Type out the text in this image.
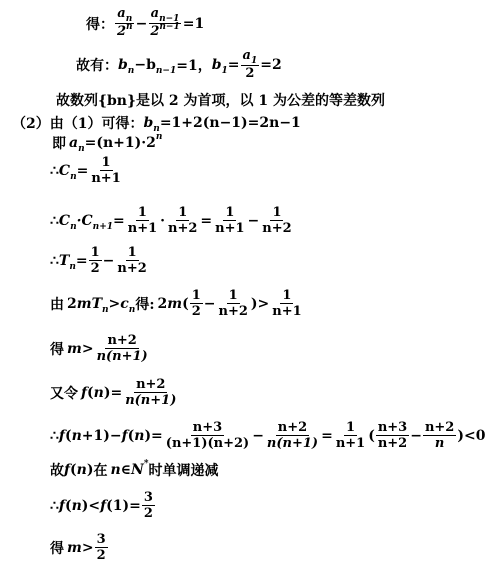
得：
$a_n$
$2^n - \frac{a_{n-1}}{2^{n-1}} =1$
故有： $b_n -b$ $_{n-1}$ =1， $b_1 = \frac{a_1}{2} =2$
故数列{bn}是以 2 为首项，以 1 为公差的等差数列
（2）由（1）可得： $b_n =1+2(n-1)=2n-1$
即 $a_n =(n+1)\cdot 2$ n
∴ $C_n = \frac{1}{n+1}$
∴ $C_n\cdot C_{n+1} = \frac{1}{n+1} \cdot \frac{1}{n+2} = \frac{1}{n+1} - \frac{1}{n+2}$
∴ $T_n = \frac{1}{2} - \frac{1}{n+2}$
由 2 $mT_n > c_n$ 得: 2 m ( 1
$2 - \frac{1}{n+2}$ )> 1
n+1
得 m > n+2
n(n+1)
又令 f ( n )= $\frac{n+2}{n(n+1)}$
∴ f ( n +1)− f ( n )= $\frac{n+3}{(n+1)(n+2)} - \frac{n+2}{n(n+1)} = \frac{1}{n+1}$ ( n+3
$n+2 - \frac{n+2}{n} )<0$
故 f ( n ) 在 n ∈ N * 时单调递减
∴ f ( n )< f $(1)= \frac{3}{2}$
得 m > 3
2
